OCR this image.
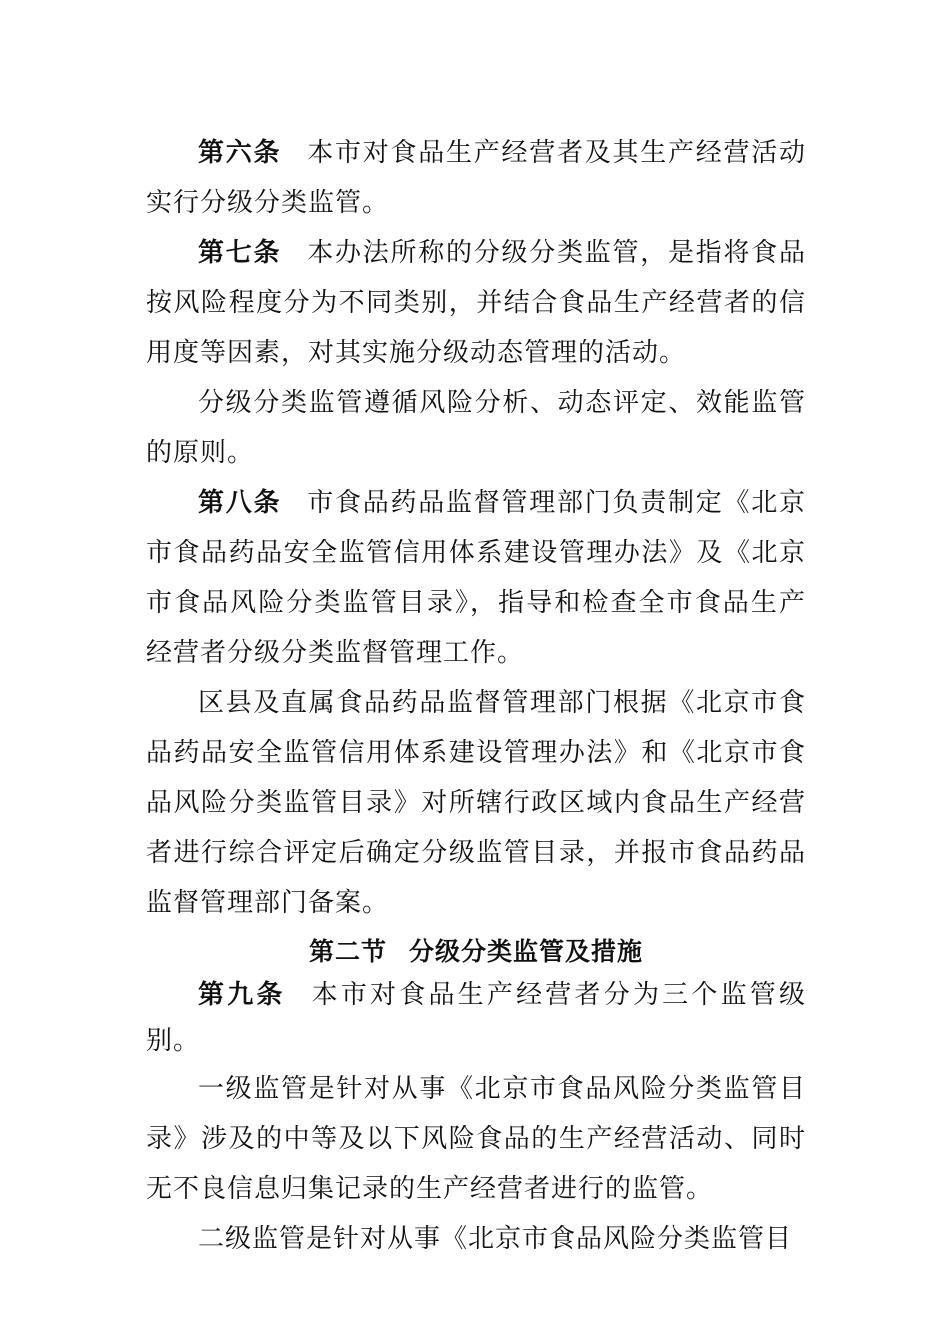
第六条 本市对食品生产经营者及其生产经营活动实行分级分类监管。

第七条 本办法所称的分级分类监管，是指将食品按风险程度分为不同类别，并结合食品生产经营者的信用度等因素，对其实施分级动态管理的活动。

分级分类监管遵循风险分析、动态评定、效能监管的原则。

第八条 市食品药品监督管理部门负责制定《北京市食品药品安全监管信用体系建设管理办法》及《北京市食品风险分类监管目录》，指导和检查全市食品生产经营者分级分类监督管理工作。

区县及直属食品药品监督管理部门根据《北京市食品药品安全监管信用体系建设管理办法》和《北京市食品风险分类监管目录》对所辖行政区域内食品生产经营者进行综合评定后确定分级监管目录，并报市食品药品监督管理部门备案。

第二节 分级分类监管及措施

第九条 本市对食品生产经营者分为三个监管级别。

一级监管是针对从事《北京市食品风险分类监管目录》涉及的中等及以下风险食品的生产经营活动、同时无不良信息归集记录的生产经营者进行的监管。

二级监管是针对从事《北京市食品风险分类监管目
